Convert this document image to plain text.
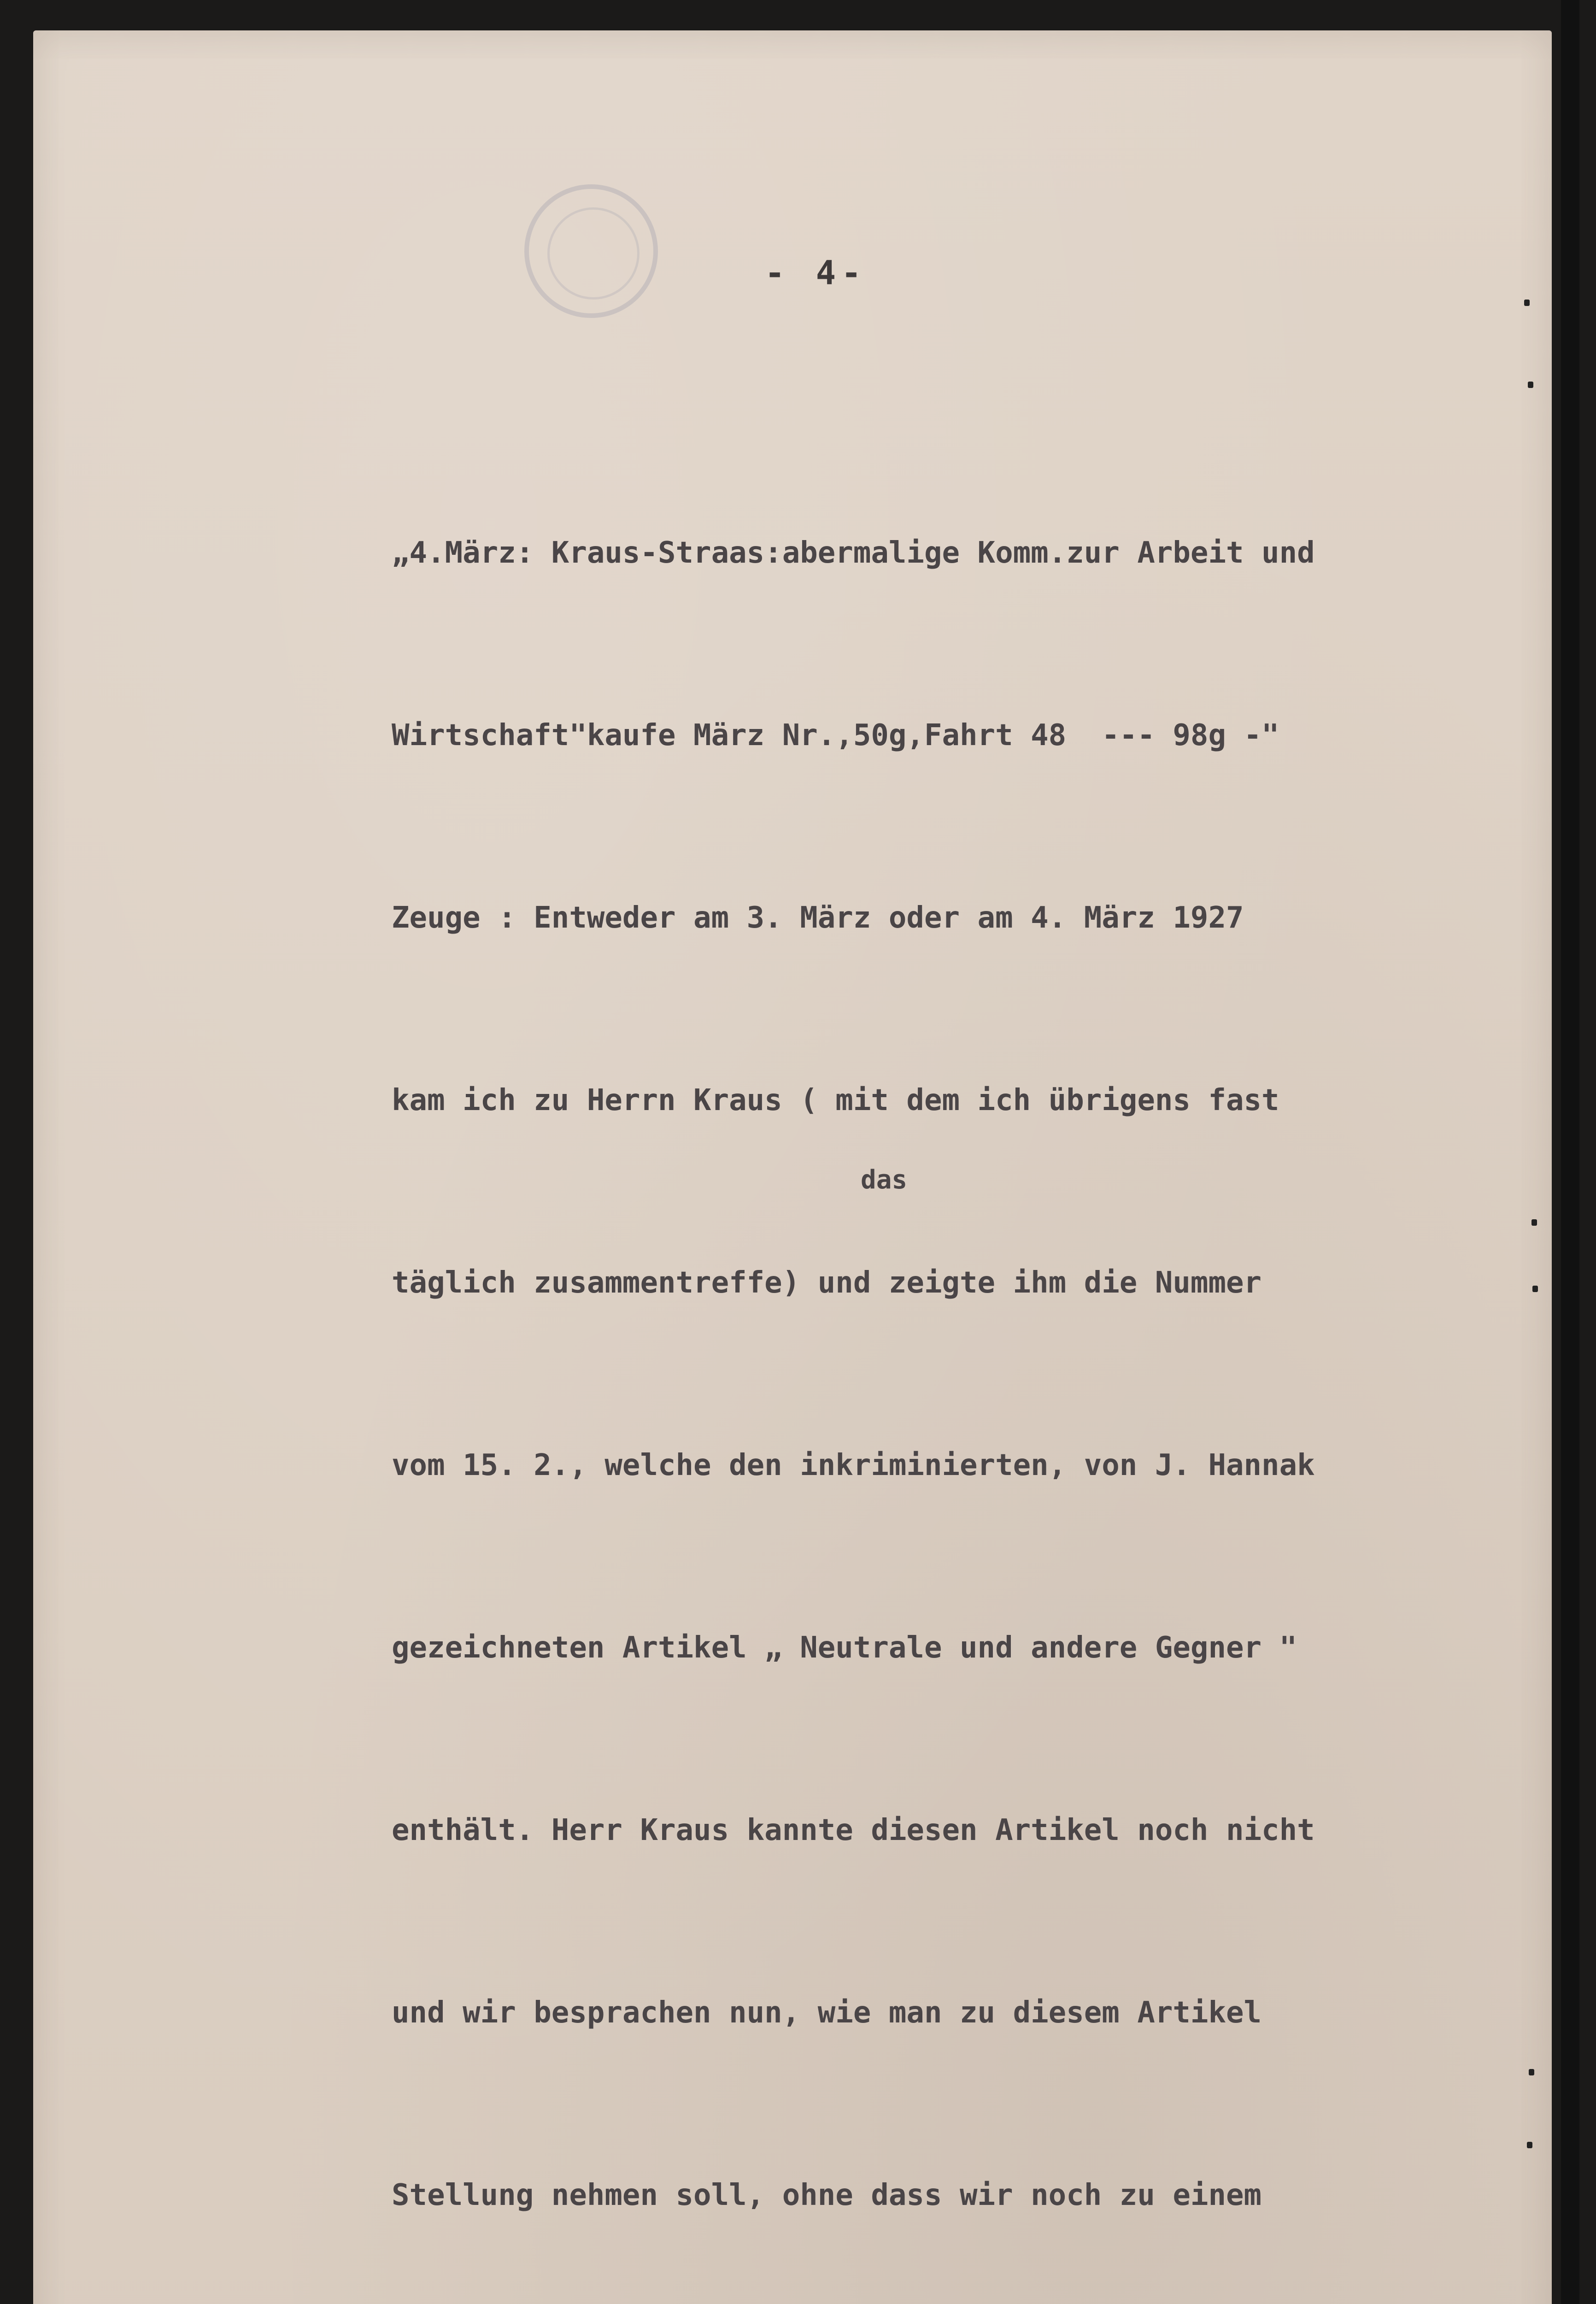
- 4-
das

„4.März: Kraus-Straas:abermalige Komm.zur Arbeit und

Wirtschaft"kaufe März Nr.,50g,Fahrt 48  --- 98g -"

Zeuge : Entweder am 3. März oder am 4. März 1927

kam ich zu Herrn Kraus ( mit dem ich übrigens fast

täglich zusammentreffe) und zeigte ihm die Nummer

vom 15. 2., welche den inkriminierten, von J. Hannak

gezeichneten Artikel „ Neutrale und andere Gegner "

enthält. Herr Kraus kannte diesen Artikel noch nicht

und wir besprachen nun, wie man zu diesem Artikel

Stellung nehmen soll, ohne dass wir noch zu einem
